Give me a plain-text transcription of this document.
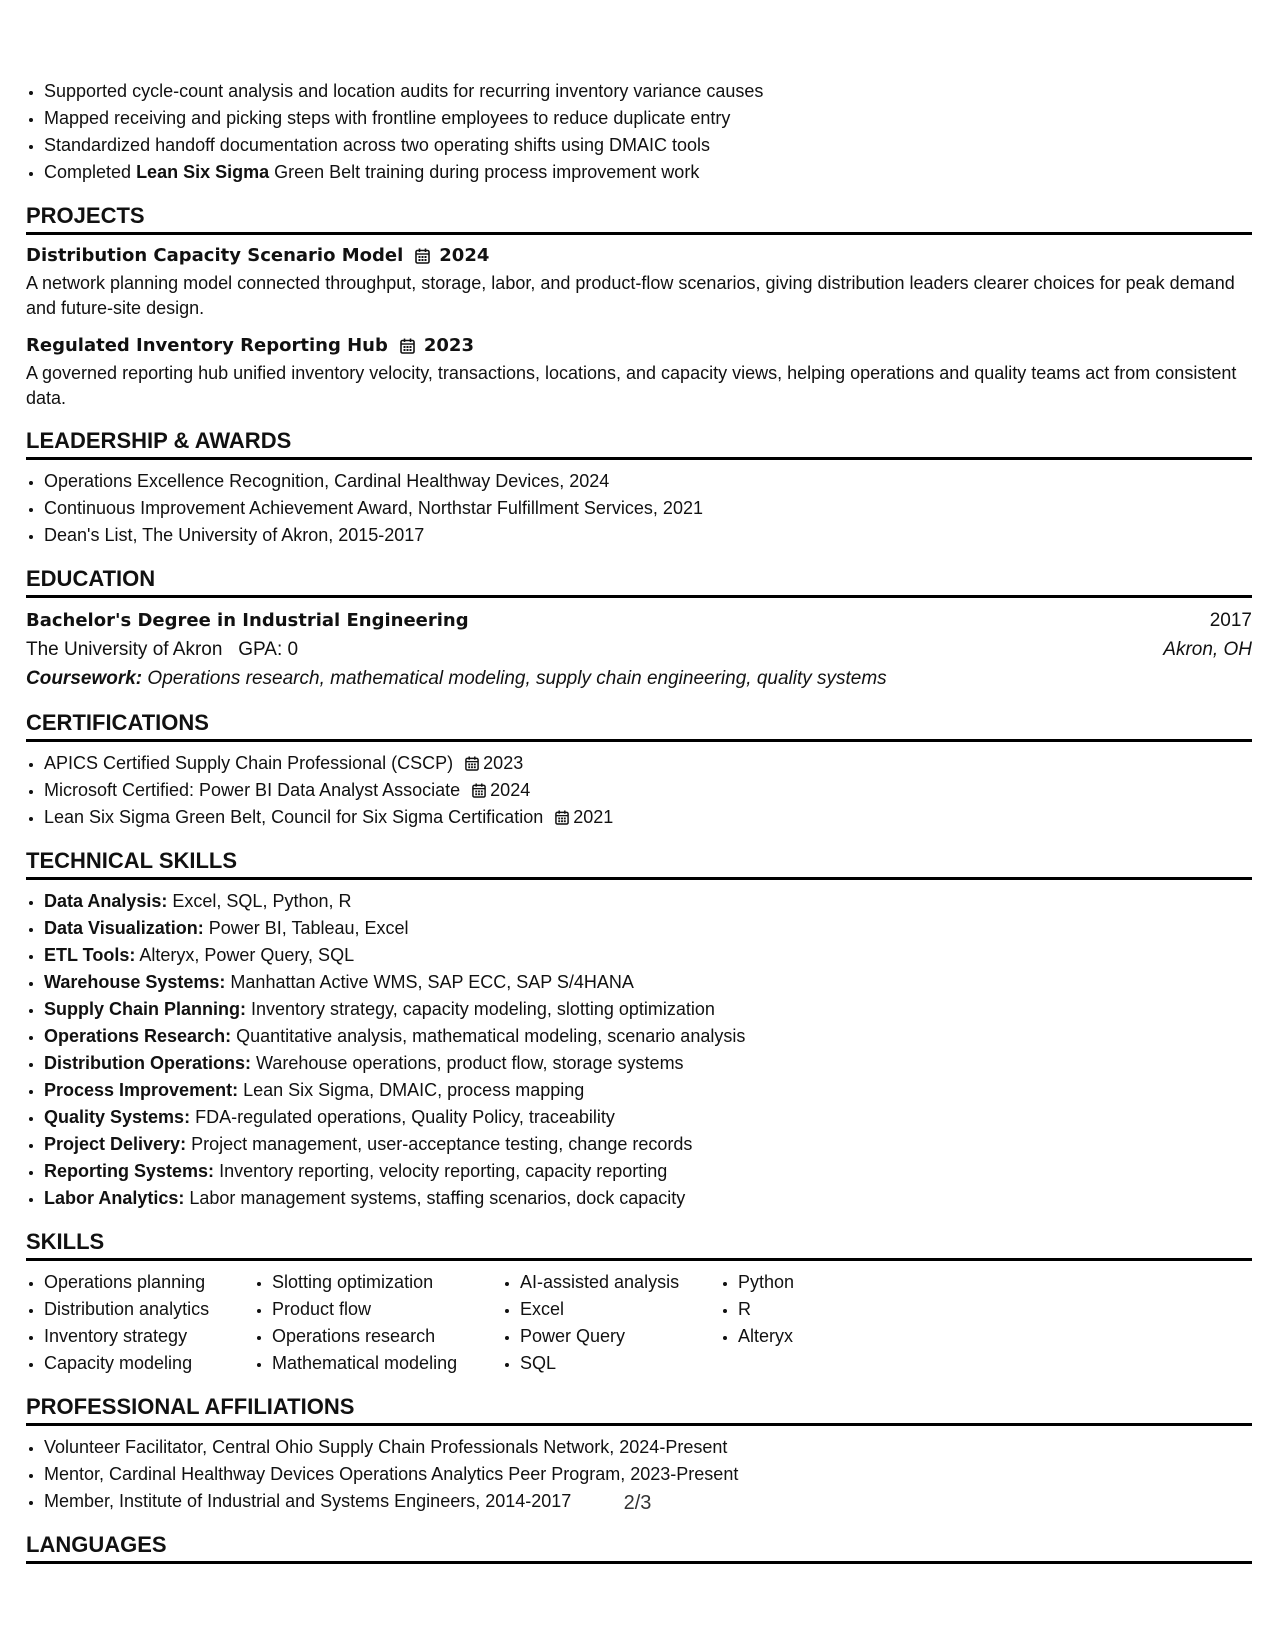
• Supported cycle-count analysis and location audits for recurring inventory variance causes
• Mapped receiving and picking steps with frontline employees to reduce duplicate entry
• Standardized handoff documentation across two operating shifts using DMAIC tools
• Completed Lean Six Sigma Green Belt training during process improvement work
PROJECTS
Distribution Capacity Scenario Model 2024
A network planning model connected throughput, storage, labor, and product-flow scenarios, giving distribution leaders clearer choices for peak demand and future-site design.
Regulated Inventory Reporting Hub 2023
A governed reporting hub unified inventory velocity, transactions, locations, and capacity views, helping operations and quality teams act from consistent data.
LEADERSHIP & AWARDS
• Operations Excellence Recognition, Cardinal Healthway Devices, 2024
• Continuous Improvement Achievement Award, Northstar Fulfillment Services, 2021
• Dean's List, The University of Akron, 2015-2017
EDUCATION
Bachelor's Degree in Industrial Engineering	2017
The University of Akron GPA: 0	Akron, OH
Coursework: Operations research, mathematical modeling, supply chain engineering, quality systems
CERTIFICATIONS
• APICS Certified Supply Chain Professional (CSCP) 2023
• Microsoft Certified: Power BI Data Analyst Associate 2024
• Lean Six Sigma Green Belt, Council for Six Sigma Certification 2021
TECHNICAL SKILLS
• Data Analysis: Excel, SQL, Python, R
• Data Visualization: Power BI, Tableau, Excel
• ETL Tools: Alteryx, Power Query, SQL
• Warehouse Systems: Manhattan Active WMS, SAP ECC, SAP S/4HANA
• Supply Chain Planning: Inventory strategy, capacity modeling, slotting optimization
• Operations Research: Quantitative analysis, mathematical modeling, scenario analysis
• Distribution Operations: Warehouse operations, product flow, storage systems
• Process Improvement: Lean Six Sigma, DMAIC, process mapping
• Quality Systems: FDA-regulated operations, Quality Policy, traceability
• Project Delivery: Project management, user-acceptance testing, change records
• Reporting Systems: Inventory reporting, velocity reporting, capacity reporting
• Labor Analytics: Labor management systems, staffing scenarios, dock capacity
SKILLS
• Operations planning
• Distribution analytics
• Inventory strategy
• Capacity modeling
• Slotting optimization
• Product flow
• Operations research
• Mathematical modeling
• AI-assisted analysis
• Excel
• Power Query
• SQL
• Python
• R
• Alteryx
PROFESSIONAL AFFILIATIONS
• Volunteer Facilitator, Central Ohio Supply Chain Professionals Network, 2024-Present
• Mentor, Cardinal Healthway Devices Operations Analytics Peer Program, 2023-Present
• Member, Institute of Industrial and Systems Engineers, 2014-2017
LANGUAGES
2/3
